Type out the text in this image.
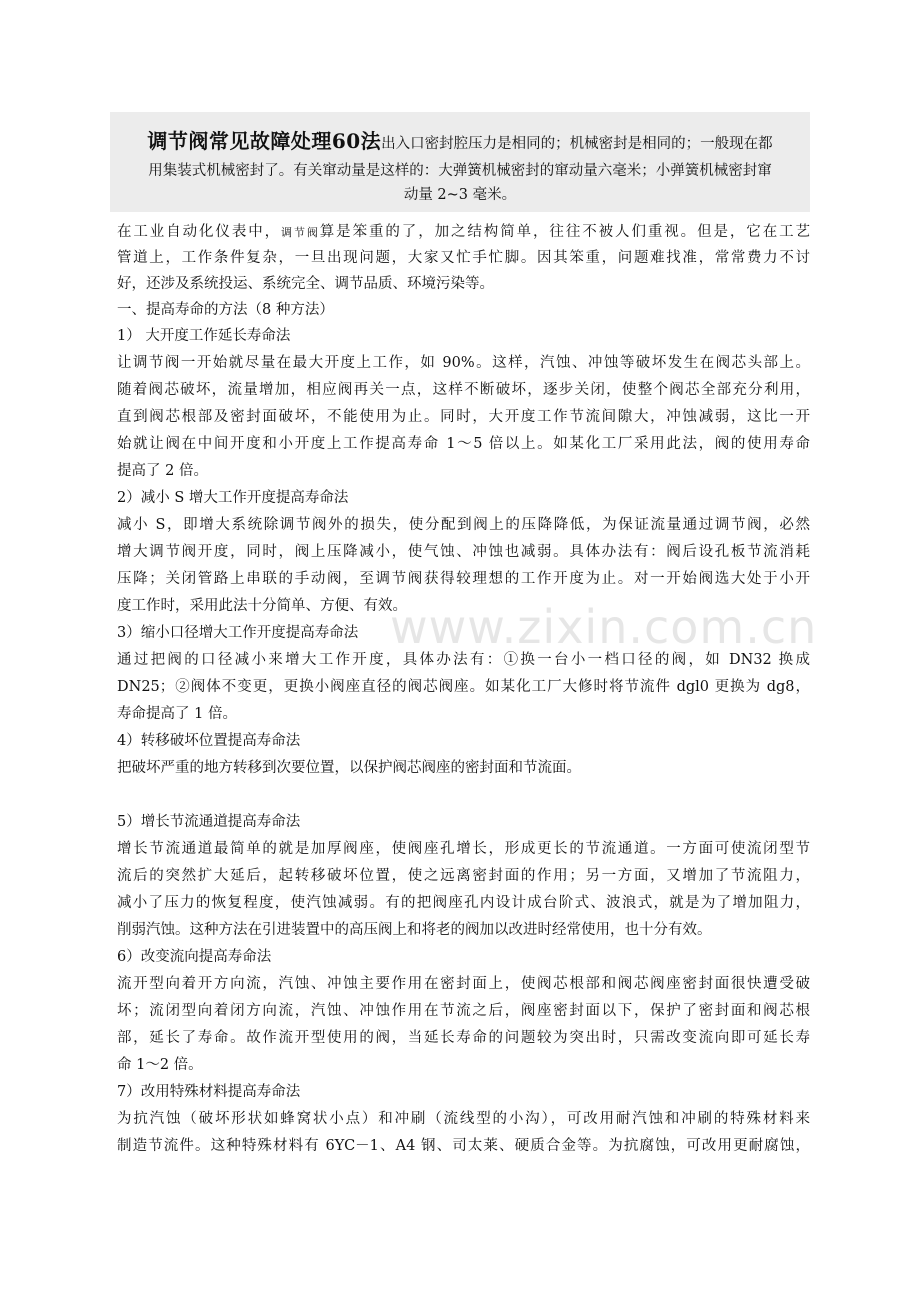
www.zixin.com.cn
调节阀常见故障处理60法出入口密封腔压力是相同的；机械密封是相同的；一般现在都
用集装式机械密封了。有关窜动量是这样的：大弹簧机械密封的窜动量六毫米；小弹簧机械密封窜
动量 2~3 毫米。
在工业自动化仪表中，调节阀算是笨重的了，加之结构简单，往往不被人们重视。但是，它在工艺
管道上，工作条件复杂，一旦出现问题，大家又忙手忙脚。因其笨重，问题难找准，常常费力不讨
好，还涉及系统投运、系统完全、调节品质、环境污染等。
一、提高寿命的方法（8 种方法）
1） 大开度工作延长寿命法
让调节阀一开始就尽量在最大开度上工作，如 90%。这样，汽蚀、冲蚀等破坏发生在阀芯头部上。
随着阀芯破坏，流量增加，相应阀再关一点，这样不断破坏，逐步关闭，使整个阀芯全部充分利用，
直到阀芯根部及密封面破坏，不能使用为止。同时，大开度工作节流间隙大，冲蚀减弱，这比一开
始就让阀在中间开度和小开度上工作提高寿命 1～5 倍以上。如某化工厂采用此法，阀的使用寿命
提高了 2 倍。
2）减小 S 增大工作开度提高寿命法
减小 S，即增大系统除调节阀外的损失，使分配到阀上的压降降低，为保证流量通过调节阀，必然
增大调节阀开度，同时，阀上压降减小，使气蚀、冲蚀也减弱。具体办法有：阀后设孔板节流消耗
压降；关闭管路上串联的手动阀，至调节阀获得较理想的工作开度为止。对一开始阀选大处于小开
度工作时，采用此法十分简单、方便、有效。
3）缩小口径增大工作开度提高寿命法
通过把阀的口径减小来增大工作开度，具体办法有：①换一台小一档口径的阀，如 DN32 换成
DN25；②阀体不变更，更换小阀座直径的阀芯阀座。如某化工厂大修时将节流件 dgl0 更换为 dg8，
寿命提高了 1 倍。
4）转移破坏位置提高寿命法
把破坏严重的地方转移到次要位置，以保护阀芯阀座的密封面和节流面。
5）增长节流通道提高寿命法
增长节流通道最简单的就是加厚阀座，使阀座孔增长，形成更长的节流通道。一方面可使流闭型节
流后的突然扩大延后，起转移破坏位置，使之远离密封面的作用；另一方面，又增加了节流阻力，
减小了压力的恢复程度，使汽蚀减弱。有的把阀座孔内设计成台阶式、波浪式，就是为了增加阻力，
削弱汽蚀。这种方法在引进装置中的高压阀上和将老的阀加以改进时经常使用，也十分有效。
6）改变流向提高寿命法
流开型向着开方向流，汽蚀、冲蚀主要作用在密封面上，使阀芯根部和阀芯阀座密封面很快遭受破
坏；流闭型向着闭方向流，汽蚀、冲蚀作用在节流之后，阀座密封面以下，保护了密封面和阀芯根
部，延长了寿命。故作流开型使用的阀，当延长寿命的问题较为突出时，只需改变流向即可延长寿
命 1～2 倍。
7）改用特殊材料提高寿命法
为抗汽蚀（破坏形状如蜂窝状小点）和冲刷（流线型的小沟），可改用耐汽蚀和冲刷的特殊材料来
制造节流件。这种特殊材料有 6YC－1、A4 钢、司太莱、硬质合金等。为抗腐蚀，可改用更耐腐蚀，
